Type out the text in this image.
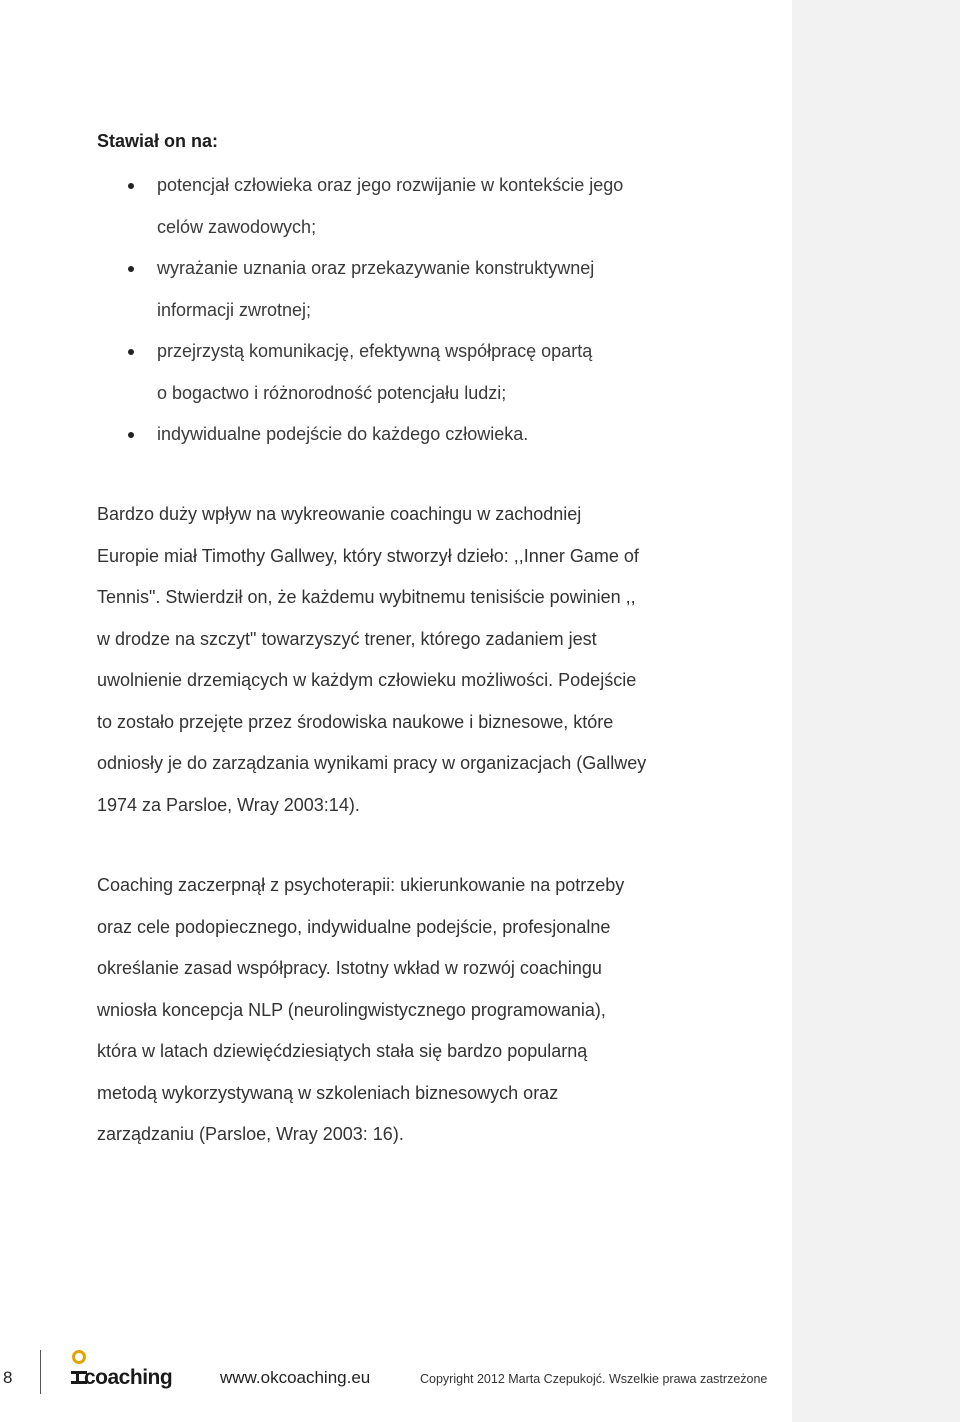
Stawiał on na:
potencjał człowieka oraz jego rozwijanie w kontekście jego
celów zawodowych;
wyrażanie uznania oraz przekazywanie konstruktywnej
informacji zwrotnej;
przejrzystą komunikację, efektywną współpracę opartą
o bogactwo i różnorodność potencjału ludzi;
indywidualne podejście do każdego człowieka.
Bardzo duży wpływ na wykreowanie coachingu w zachodniej
Europie miał Timothy Gallwey, który stworzył dzieło: ,,Inner Game of
Tennis". Stwierdził on, że każdemu wybitnemu tenisiście powinien ,,
w drodze na szczyt" towarzyszyć trener, którego zadaniem jest
uwolnienie drzemiących w każdym człowieku możliwości. Podejście
to zostało przejęte przez środowiska naukowe i biznesowe, które
odniosły je do zarządzania wynikami pracy w organizacjach (Gallwey
1974 za Parsloe, Wray 2003:14).
Coaching zaczerpnął z psychoterapii: ukierunkowanie na potrzeby
oraz cele podopiecznego, indywidualne podejście, profesjonalne
określanie zasad współpracy. Istotny wkład w rozwój coachingu
wniosła koncepcja NLP (neurolingwistycznego programowania),
która w latach dziewięćdziesiątych stała się bardzo popularną
metodą wykorzystywaną w szkoleniach biznesowych oraz
zarządzaniu (Parsloe, Wray 2003: 16).
8	coaching	www.okcoaching.eu	Copyright 2012 Marta Czepukojć. Wszelkie prawa zastrzeżone
